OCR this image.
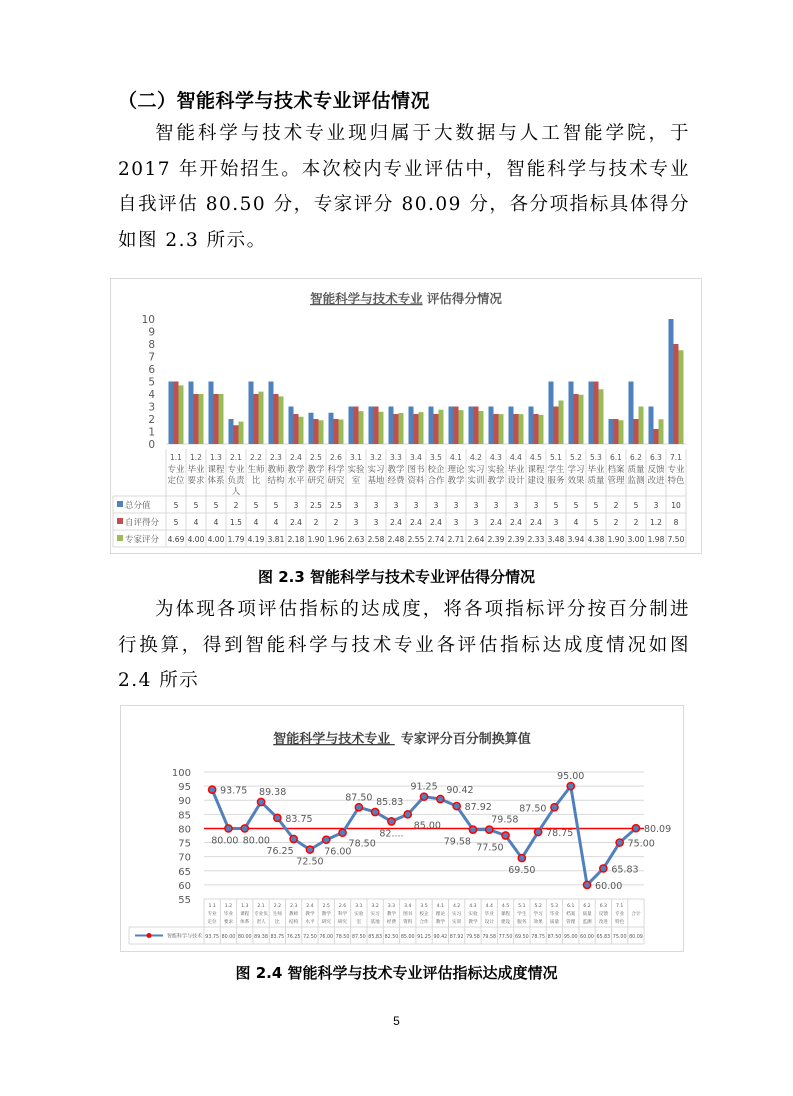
（二）智能科学与技术专业评估情况
智能科学与技术专业现归属于大数据与人工智能学院，于 2017 年开始招生。本次校内专业评估中，智能科学与技术专业自我评估 80.50 分，专家评分 80.09 分，各分项指标具体得分如图 2.3 所示。
智能科学与技术专业 评估得分情况
0
1
2
3
4
5
6
7
8
9
10
1.1
专业定位
1.2
毕业要求
1.3
课程体系
2.1
专业负责人
2.2
生师比
2.3
教师结构
2.4
教学水平
2.5
教学研究
2.6
科学研究
3.1
实验室
3.2
实习基地
3.3
教学经费
3.4
图书资料
3.5
校企合作
4.1
理论教学
4.2
实习实训
4.3
实验教学
4.4
毕业设计
4.5
课程建设
5.1
学生服务
5.2
学习效果
5.3
毕业质量
6.1
档案管理
6.2
质量监测
6.3
反馈改进
7.1
专业特色
总分值	5 5 5 2 5 5 3 2.5 2.5 3 3 3 3 3 3 3 3 3 3 5 5 5 2 5 3 10
自评得分 5 4 4 1.5 4 4 2.4 2 2 3 3 2.4 2.4 2.4 3 3 2.4 2.4 2.4 3 4 5 2 2 1.2 8
专家评分 4.69 4.00 4.00 1.79 4.19 3.81 2.18 1.90 1.96 2.63 2.58 2.48 2.55 2.74 2.71 2.64 2.39 2.39 2.33 3.48 3.94 4.38 1.90 3.00 1.98 7.50
图 2.3 智能科学与技术专业评估得分情况
为体现各项评估指标的达成度，将各项指标评分按百分制进行换算，得到智能科学与技术专业各评估指标达成度情况如图 2.4 所示
智能科学与技术专业 专家评分百分制换算值
55
60
65
70
75
80
85
90
95
100
93.75
80.00 80.00
89.38
83.75
76.25
72.50
76.00
78.50
87.50 85.83
82....
85.00
91.25 90.42
87.92
79.58
79.58
77.50
69.50
78.75
87.50
95.00
60.00
65.83
75.00
80.09
1.1 专业定位
93.75
1.2 毕业要求
80.00
1.3 课程体系
80.00
2.1 专业负责人
89.38
2.2 生师比
83.75
2.3 教师结构
76.25
2.4 教学水平
72.50
2.5 教学研究
76.00
2.6 科学研究
78.50
3.1 实验室
87.50
3.2 实习基地
85.83
3.3 教学经费
82.50
3.4 图书资料
85.00
3.5 校企合作
91.25
4.1 理论教学
90.42
4.2 实习实训
87.92
4.3 实验教学
79.58
4.4 毕业设计
79.58
4.5 课程建设
77.50
5.1 学生服务
69.50
5.2 学习效果
78.75
5.3 毕业质量
87.50
6.1 档案管理
95.00
6.2 质量监测
60.00
6.3 反馈改进
65.83
7.1 专业特色
75.00
合计
80.09
智能科学与技术
图 2.4 智能科学与技术专业评估指标达成度情况
5
